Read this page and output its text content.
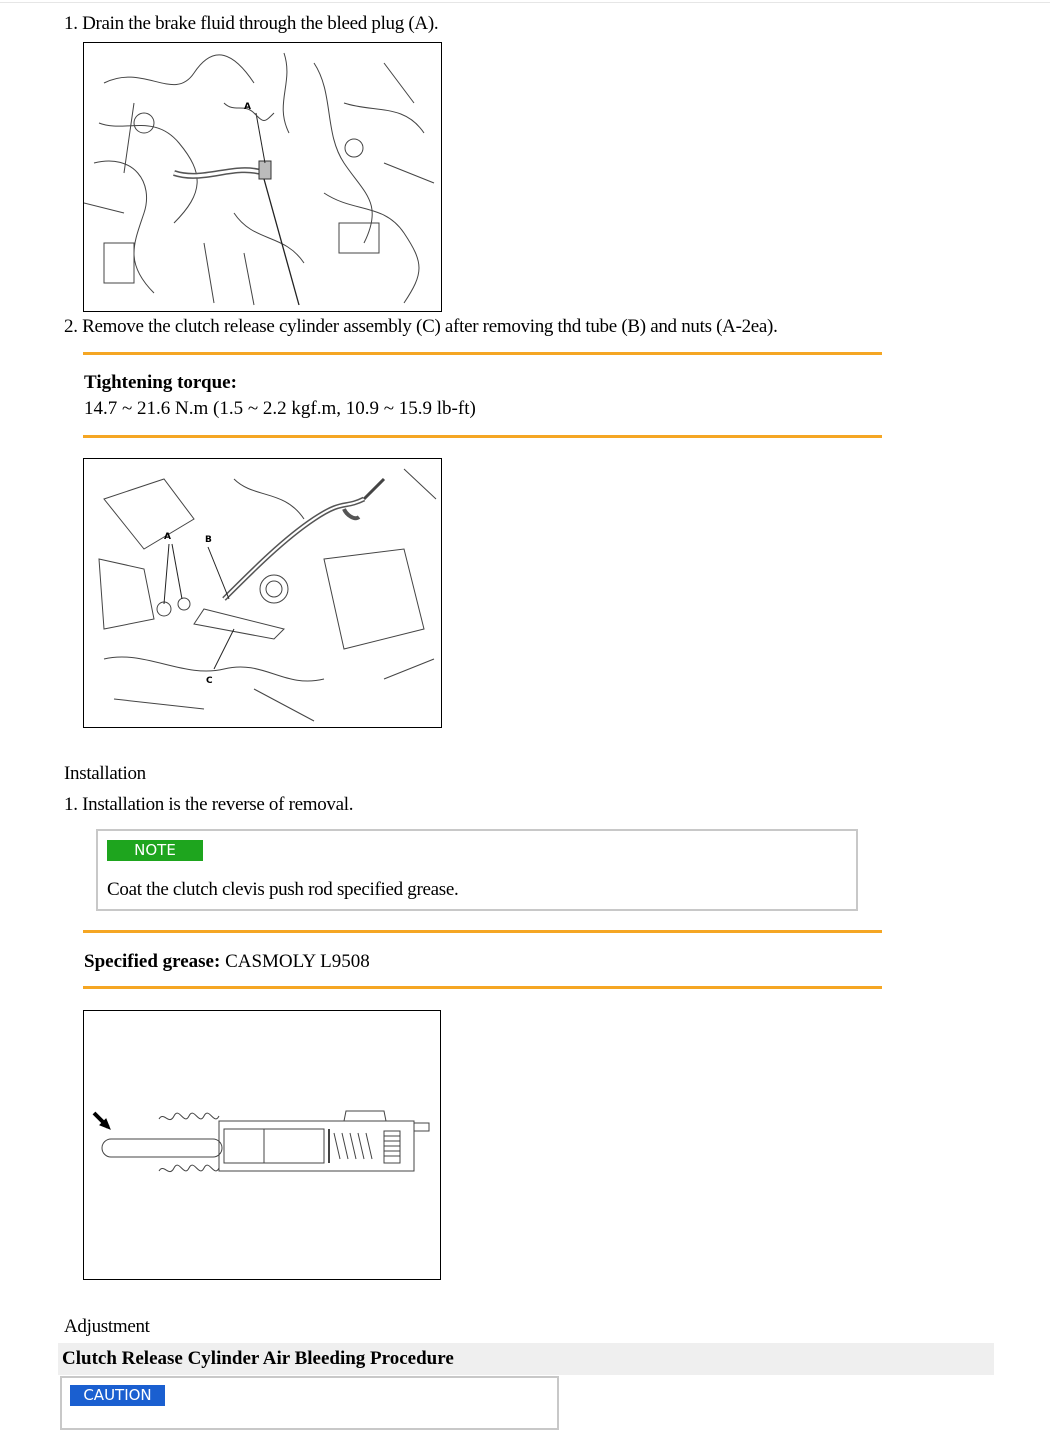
1. Drain the brake fluid through the bleed plug (A).
A
2. Remove the clutch release cylinder assembly (C) after removing thd tube (B) and nuts (A-2ea).
Tightening torque:
14.7 ~ 21.6 N.m (1.5 ~ 2.2 kgf.m, 10.9 ~ 15.9 lb-ft)
A	B
C
Installation
1. Installation is the reverse of removal.
NOTE
Coat the clutch clevis push rod specified grease.
Specified grease: CASMOLY L9508
Adjustment
Clutch Release Cylinder Air Bleeding Procedure
CAUTION
